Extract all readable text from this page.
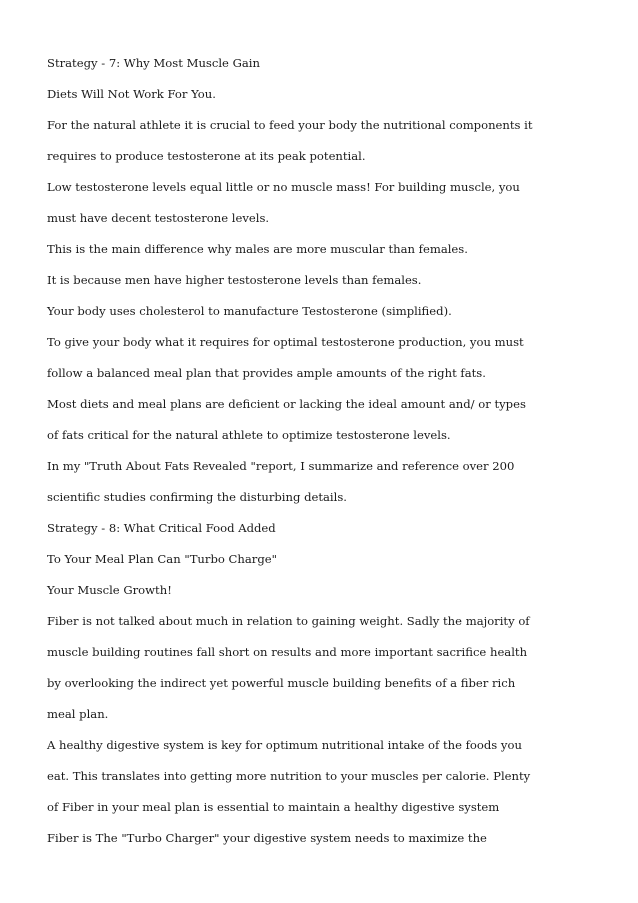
Strategy - 7: Why Most Muscle Gain
Diets Will Not Work For You.
For the natural athlete it is crucial to feed your body the nutritional components it
requires to produce testosterone at its peak potential.
Low testosterone levels equal little or no muscle mass! For building muscle, you
must have decent testosterone levels.
This is the main difference why males are more muscular than females.
It is because men have higher testosterone levels than females.
Your body uses cholesterol to manufacture Testosterone (simplified).
To give your body what it requires for optimal testosterone production, you must
follow a balanced meal plan that provides ample amounts of the right fats.
Most diets and meal plans are deficient or lacking the ideal amount and/ or types
of fats critical for the natural athlete to optimize testosterone levels.
In my "Truth About Fats Revealed "report, I summarize and reference over 200
scientific studies confirming the disturbing details.
Strategy - 8: What Critical Food Added
To Your Meal Plan Can "Turbo Charge"
Your Muscle Growth!
Fiber is not talked about much in relation to gaining weight. Sadly the majority of
muscle building routines fall short on results and more important sacrifice health
by overlooking the indirect yet powerful muscle building benefits of a fiber rich
meal plan.
A healthy digestive system is key for optimum nutritional intake of the foods you
eat. This translates into getting more nutrition to your muscles per calorie. Plenty
of Fiber in your meal plan is essential to maintain a healthy digestive system
Fiber is The "Turbo Charger" your digestive system needs to maximize the
